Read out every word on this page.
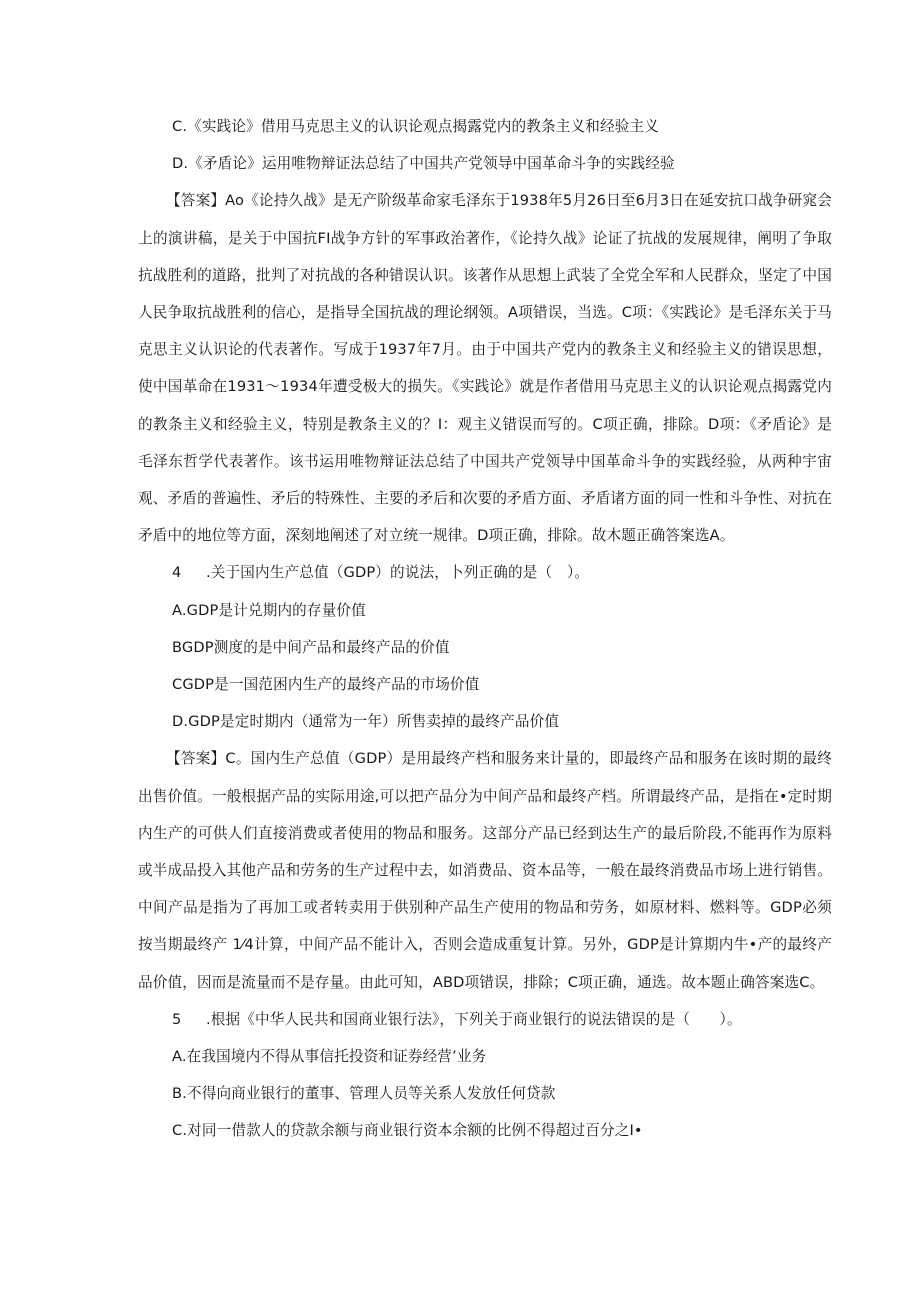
C.《实践论》借用马克思主义的认识论观点揭露党内的教条主义和经验主义

D.《矛盾论》运用唯物辩证法总结了中国共产党领导中国革命斗争的实践经验

【答案】Ao《论持久战》是无产阶级革命家毛泽东于1938年5月26日至6月3日在延安抗口战争研窕会上的演讲稿，是关于中国抗FI战争方针的军事政治著作，《论持久战》论证了抗战的发展规律，阐明了争取抗战胜利的道路，批判了对抗战的各种错误认识。该著作从思想上武装了全党全军和人民群众，坚定了中国人民争取抗战胜利的信心，是指导全国抗战的理论纲领。A项错误，当选。C项：《实践论》是毛泽东关于马克思主义认识论的代表著作。写成于1937年7月。由于中国共产党内的教条主义和经验主义的错误思想，使中国革命在1931～1934年遭受极大的损失。《实践论》就是作者借用马克思主义的认识论观点揭露党内的教条主义和经验主义，特别是教条主义的？I：观主义错误而写的。C项正确，排除。D项：《矛盾论》是毛泽东哲学代表著作。该书运用唯物辩证法总结了中国共产党领导中国革命斗争的实践经验，从两种宇宙观、矛盾的普遍性、矛后的特殊性、主要的矛后和次要的矛盾方面、矛盾诸方面的同一性和斗争性、对抗在矛盾中的地位等方面，深刻地阐述了对立统一规律。D项正确，排除。故木题正确答案选A。

4 .关于国内生产总值（GDP）的说法，卜列正确的是（　）。

A.GDP是计兑期内的存量价值

BGDP测度的是中间产品和最终产品的价值

CGDP是一国范困内生产的最终产品的市场价值

D.GDP是定时期内（通常为一年）所售卖掉的最终产品价值

【答案】C。国内生产总值（GDP）是用最终产档和服务来计量的，即最终产品和服务在该时期的最终出售价值。一般根据产品的实际用途,可以把产品分为中间产品和最终产档。所谓最终产品，是指在•定时期内生产的可供人们直接消费或者使用的物品和服务。这部分产品已经到达生产的最后阶段,不能再作为原料或半成品投入其他产品和劳务的生产过程中去，如消费品、资本品等，一般在最终消费品市场上进行销售。中间产品是指为了再加工或者转卖用于供别种产品生产使用的物品和劳务，如原材料、燃料等。GDP必须按当期最终产 1⁄4计算，中间产品不能计入，否则会造成重复计算。另外，GDP是计算期内牛•产的最终产品价值，因而是流量而不是存量。由此可知，ABD项错误，排除；C项正确，通选。故本题止确答案选C。

5 .根据《中华人民共和国商业银行法》，下列关于商业银行的说法错误的是（　　）。

A.在我国境内不得从事信托投资和证券经营’业务

B.不得向商业银行的董事、管理人员等关系人发放任何贷款

C.对同一借款人的贷款余额与商业银行资本余额的比例不得超过百分之I•
